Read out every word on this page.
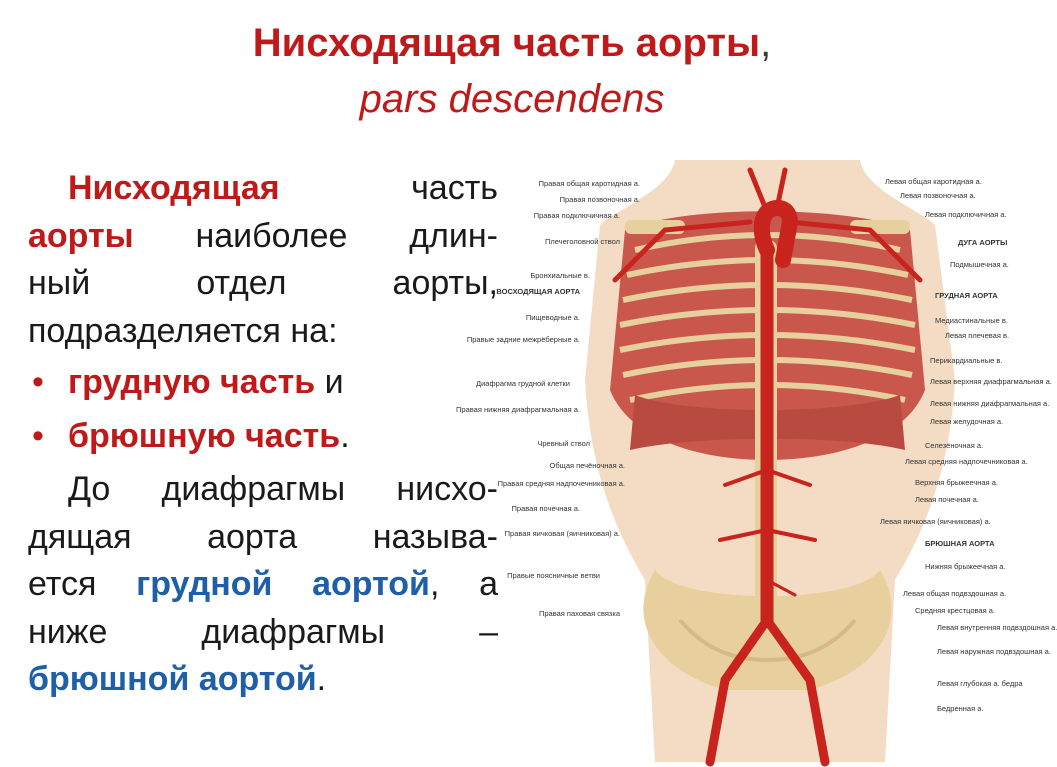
Нисходящая часть аорты,
pars descendens
Нисходящая	часть
аорты наиболее длин-
ный отдел аорты,
подразделяется на:
• грудную часть и
• брюшную часть.
До диафрагмы нисхо-
дящая аорта называ-
ется грудной аортой, а
ниже диафрагмы –
брюшной аортой.
Правая общая каротидная а.
Правая позвоночная а.
Правая подключичная а.
Плечеголовной ствол
Бронхиальные в.
ВОСХОДЯЩАЯ АОРТА
Пищеводные а.
Правые задние межрёберные а.
Диафрагма грудной клетки
Правая нижняя диафрагмальная а.
Чревный ствол
Общая печёночная а.
Правая средняя надпочечниковая а.
Правая почечная а.
Правая яичковая (яичниковая) а.
Правые поясничные ветви
Правая паховая связка
Левая общая каротидная а.
Левая позвоночная а.
Левая подключичная а.
ДУГА АОРТЫ
Подмышечная а.
ГРУДНАЯ АОРТА
Медиастинальные в.
Левая плечевая в.
Перикардиальные в.
Левая верхняя диафрагмальная а.
Левая нижняя диафрагмальная а.
Левая желудочная а.
Селезёночная а.
Левая средняя надпочечниковая а.
Верхняя брыжеечная а.
Левая почечная а.
Левая яичковая (яичниковая) а.
БРЮШНАЯ АОРТА
Нижняя брыжеечная а.
Левая общая подвздошная а.
Средняя крестцовая а.
Левая внутренняя подвздошная а.
Левая наружная подвздошная а.
Левая глубокая а. бедра
Бедренная а.
